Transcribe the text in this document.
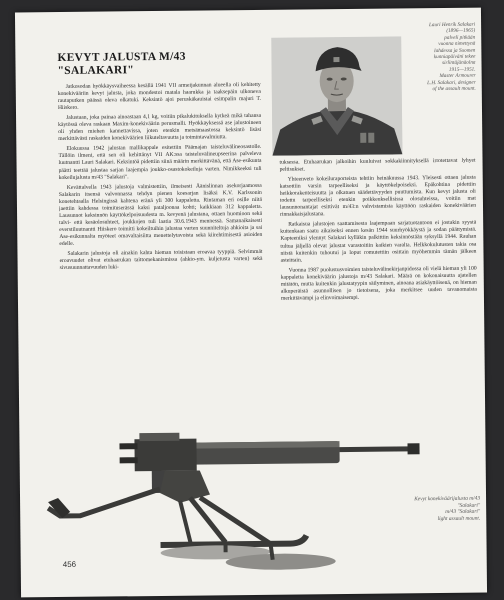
KEVYT JALUSTA M/43
"SALAKARI"

Jatkosodan hyökkäysvaiheessa kesällä 1941 VII armeijakunnan alueella oli kehitetty konekivääriin kevyt jalusta, joka mondestoi matala haarukka ja taaksepäin ulkoneva rautaputken päässä oleva olkatuki. Keksintö ajoi peruskäkauistai esimpalin majuri T. Hiiskero.

Jalustaan, joka painaa ainoastaan 4,1 kg, voitiin pikalukituksella kytkeä mikä tahansa käytössä oleva raskaan Maxim-konekiväärin perusmalli. Hyökkäyksessä ase jalustoineen oli yhden miehen kannettavissa, joten etenkin metsämaastossa keksintö lisäsi merkittävästi raskaiden konekiväärien liikuteltavuutta ja toimintavalmiutta.

Elokuussa 1942 jalustan mallikappale esitettiin Päämajan taisteluvälineosastolle. Tällöin ilmeni, että sen oli kehittänyt VII AK:ssa taisteluvälineupseerina palveleva luutnantti Lauri Salakari. Keksintöä pidettiin siinä määrin merkittävänä, että Ase-esikunta päätti teettää jalustaa sarjan laajempia joukko-osastokokeiluja varten. Nimikkeeksi tuli kokeilujalusta m/43 "Salakari".

Kevättalvella 1943 jalustoja valmistettiin, ilmeisesti Äänislinnan asekorjaamossa Salakarin itsensä valvonnassa tehdyn pienen koesarjan lisäksi K.V. Karlssonin konetehtaalla Helsingissä kahtena eränä yli 300 kappaletta. Rintaman eri osille niitä jaettiin kahdessa toimituserässä kaksi pataljoonaa kohti; kaikkiaan 312 kappaletta. Lausunnot keksinnön käyttökelpoisuudesta m. kevyenä jalustana, ottaen huomioon sekä talvi- että kesäolosuhteet, joukkojen tuli laatia 30.6.1943 mennessä. Samanaikaisesti everstiluutnantti Hiiskero toimitti kokeiltuihin jalustaa varten suunniteltuja ahkioita ja sai Ase-esikunnalta myöteet omavaltaisiitta menettelytavoista sekä kiirehtimisestä asioiden edelle.

Salakarin jalustoja oli ainakin kahta hieman toisistaan eroavaa tyyppiä. Selvimmät eroavuudet olivat etuhaarukan taittomekanismissa (ahkio-ym. kuljetusta varten) sekä sivusuunnattavuuden luki-

Lauri Henrik Salakari
(1896—1965)
palveli pitkään
vuonna nimettynä
lahdessa ja Suomen
kunniapäiväni tekee
sirlintäjänäolna
1915—1951.
Master Armourer
L.H. Salakari, designer
of the assault mount.

tuksessa. Etuhaarukan jalkoihin kuuluivat sokkakiinnityksellä irrotettavat lyhyet peltisukset.

Yhteenveto kokeiluraporteista tehtiin heinäkuussa 1943. Yleisesti ottaen jalusta katsottiin varsin tarpeelliseksi ja käyttökelpoiseksi. Epäkohtina pidettiin heikkorakenteisuutta ja olkatuen säädettävyyden puuttumista. Kun kevyt jalusta oli todettu tarpeelliseksi etenkin poikkeuksellisissa olosuhteissa, voitiin mat lausunnonantajat esittivät m/43:n vahvistamista käyttöön raskaiden konekiväärien rinnakkaisjalustana.

Ratkaisua jalustojen saattamisesta laajempaan sarjatuotantoon ei jostakin syystä kuitenkaan saatu aikaiseksi ennen kesän 1944 suurhyökkäystä ja sodan päättymistä. Kapteeniksi ylennyt Salakari kylläkin palkittiin keksinnöstään syksyllä 1944. Rauhan tultua jäljellä olevat jalustat varastoitiin kaikien varalta. Helkkokulutusten takia osa niistä kuitenkin tuhoutui ja loput romutettiin osittain myöhemmin tämän jälkeen asteittain.

Vuonna 1987 puolustusvoimien taisteluvälinekirjanpidossa oli vielä hieman yli 100 kappaletta konekiväärin jalustoja m/43 Salakari. Määrä on kokonaisuutta ajatellen mitätön, mutta kuitenkin jalustatyypin säilyminen, ainoana asiakäyttöisenä, on hieman alkuperäistä asunnollisen jo tietoisena, joka merkitsee uuden tavanomaista merkittävämpi ja elinvoimaisempi.

Kevyt konekiväärijalusta m/43
"Salakari"
m/43 "Salakari"
light assault mount.
456
